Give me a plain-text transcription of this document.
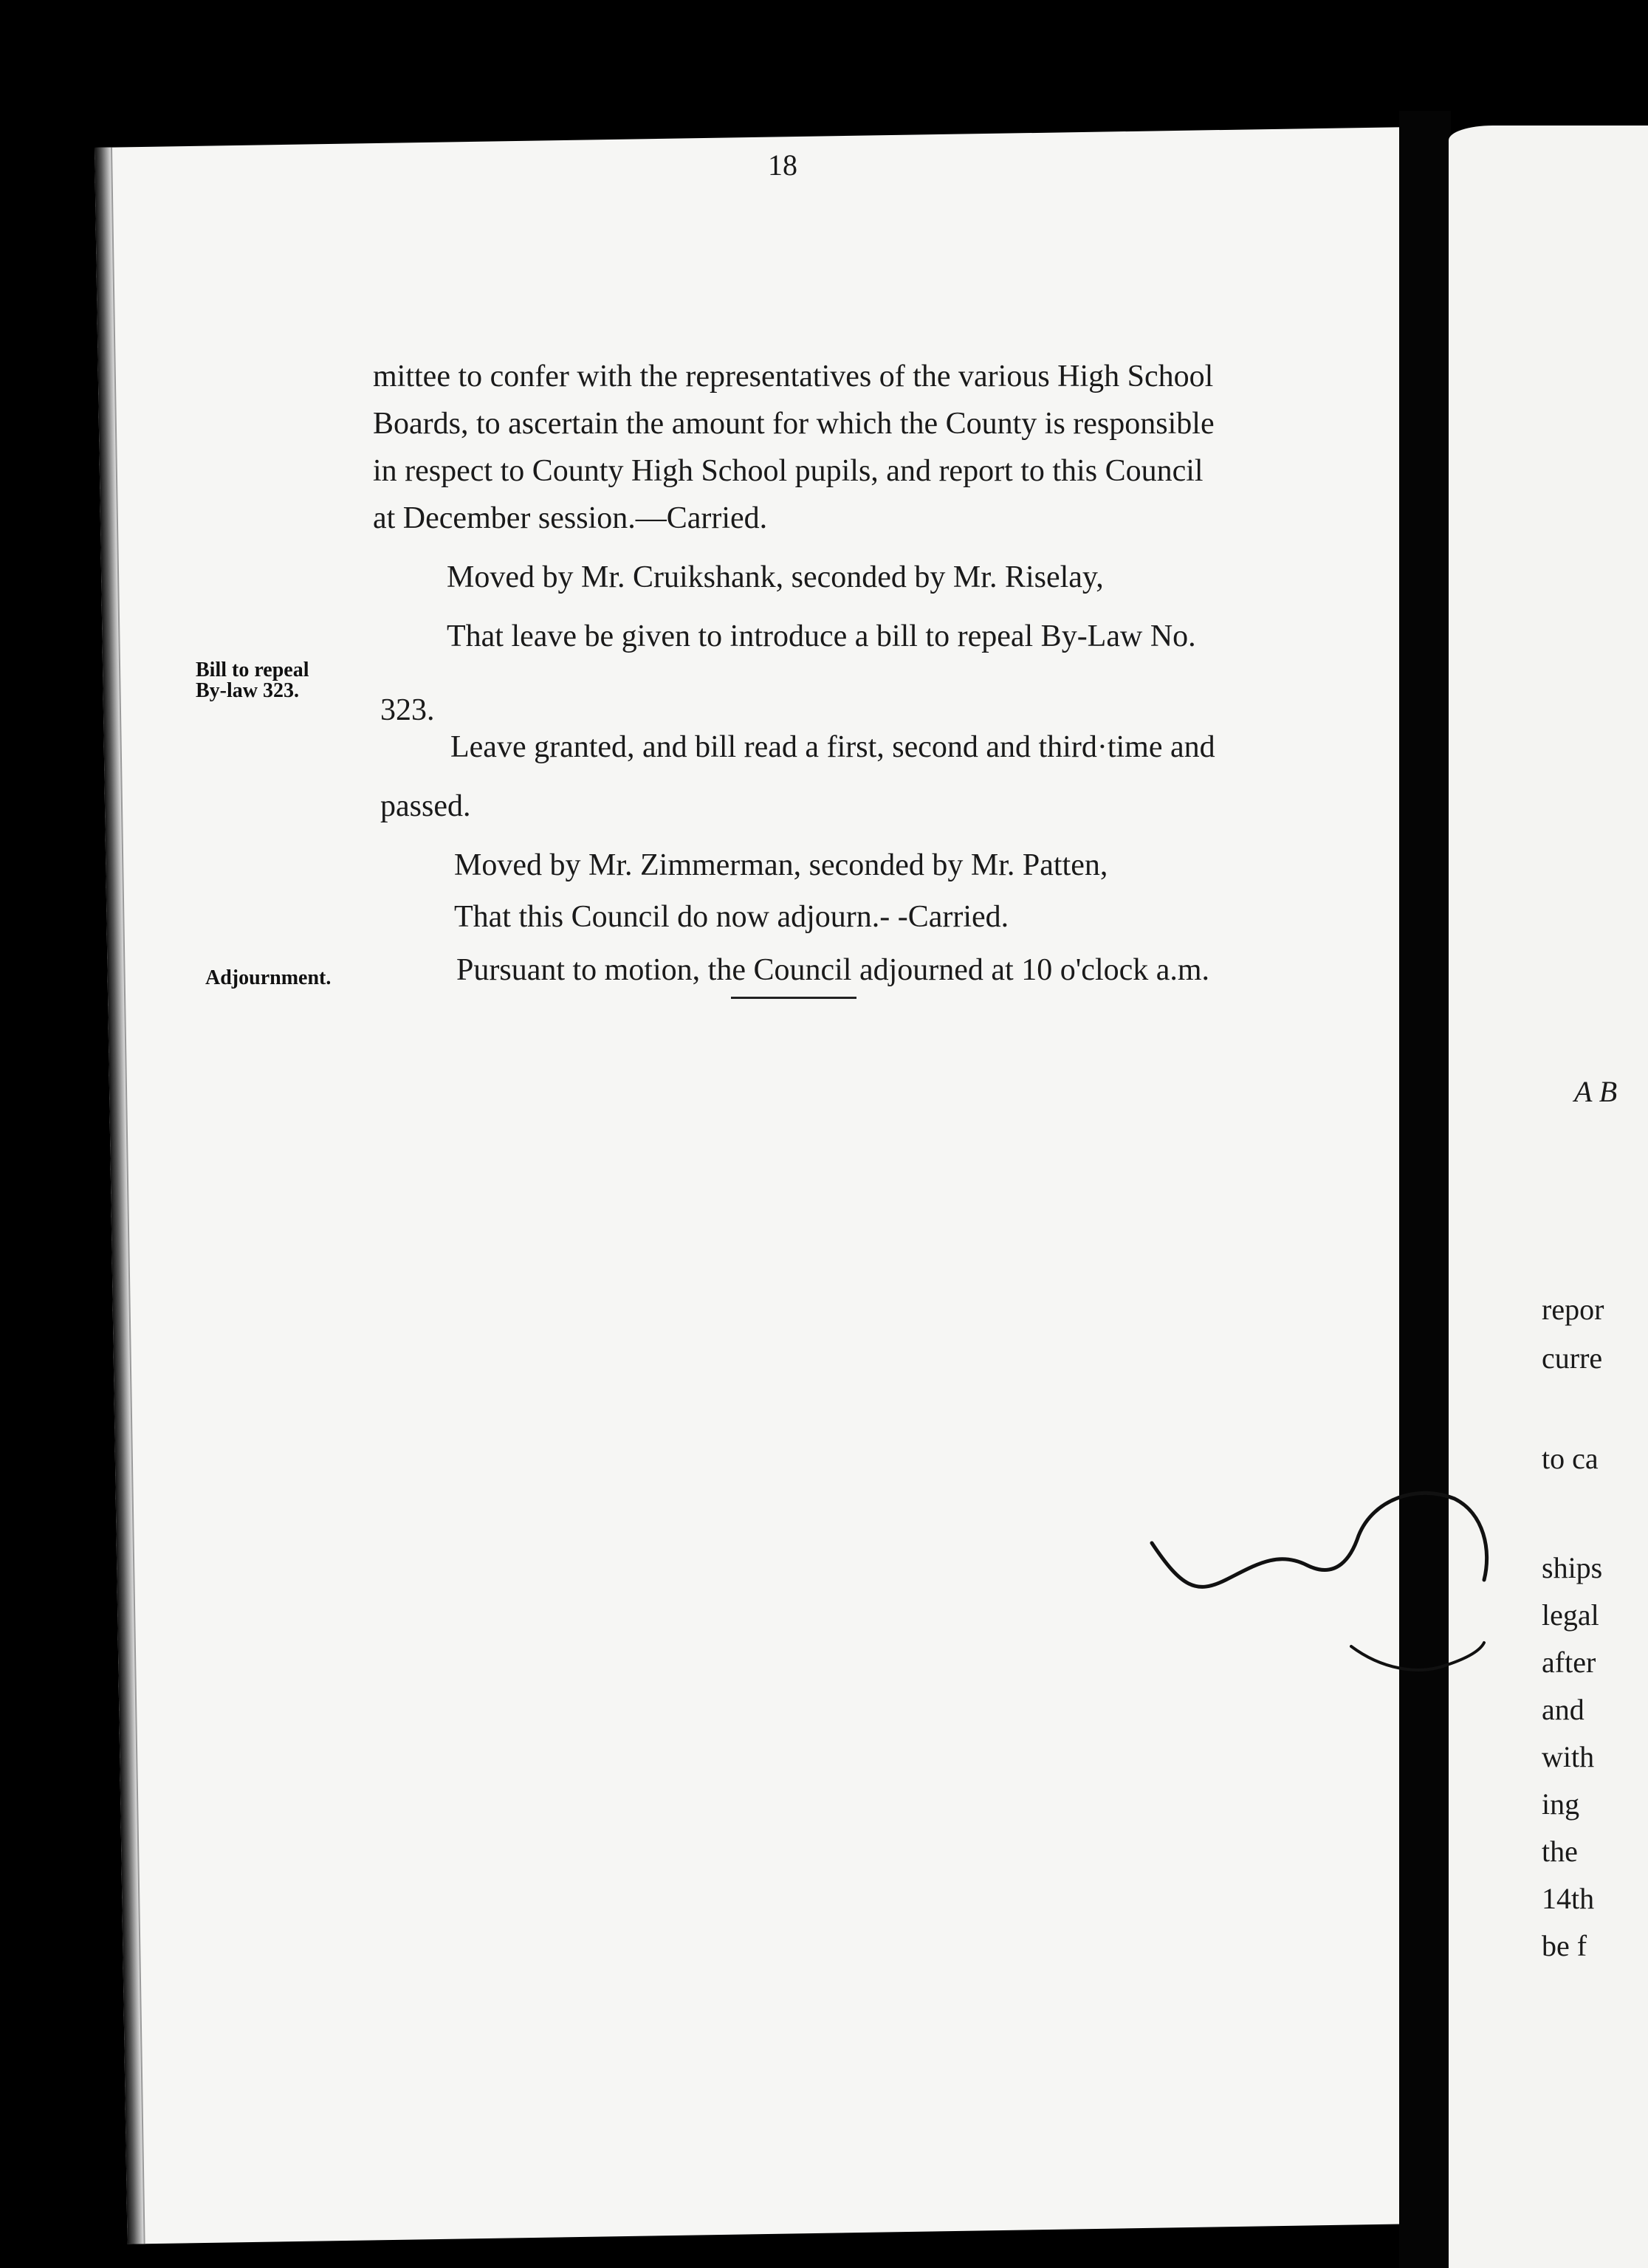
18
mittee to confer with the representatives of the various High School
Boards, to ascertain the amount for which the County is responsible
in respect to County High School pupils, and report to this Council
at December session.—Carried.
Moved by Mr. Cruikshank, seconded by Mr. Riselay,
That leave be given to introduce a bill to repeal By-Law No.
323.
Leave granted, and bill read a first, second and third·time and
passed.
Moved by Mr. Zimmerman, seconded by Mr. Patten,
That this Council do now adjourn.- -Carried.
Pursuant to motion, the Council adjourned at 10 o'clock a.m.
Bill to repeal
By-law 323.
Adjournment.
A B
repor
curre
to ca
ships
legal
after
and
with
ing
the
14th
be f
